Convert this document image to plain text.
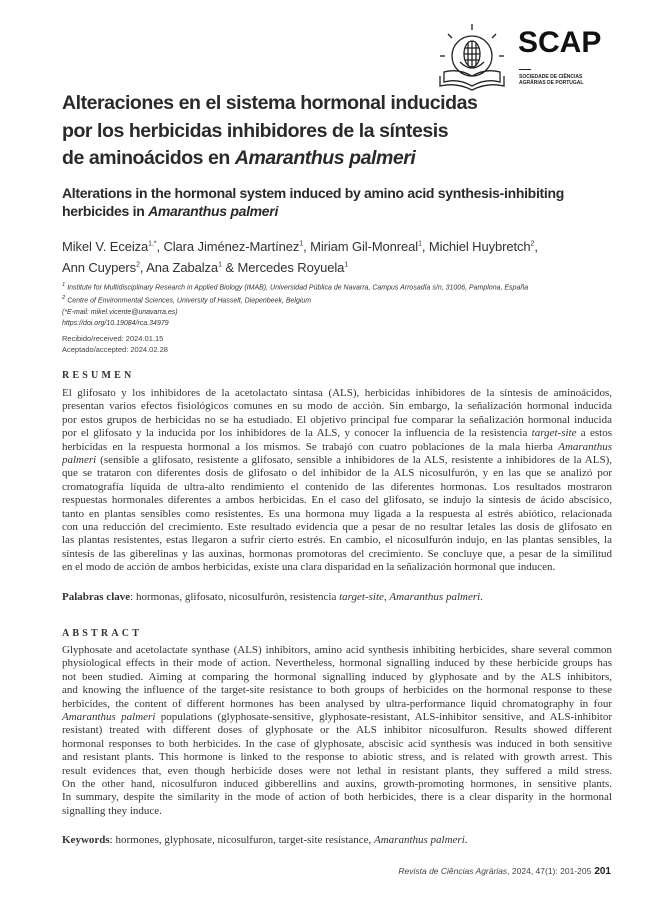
SCAP
SOCIEDADE DE CIÊNCIAS
AGRÁRIAS DE PORTUGAL
Alteraciones en el sistema hormonal inducidas
por los herbicidas inhibidores de la síntesis
de aminoácidos en Amaranthus palmeri
Alterations in the hormonal system induced by amino acid synthesis-inhibiting herbicides in Amaranthus palmeri
Mikel V. Eceiza$^{1,*}$, Clara Jiménez-Martínez$^1$, Miriam Gil-Monreal$^1$, Michiel Huybretch$^2$,
Ann Cuypers$^2$, Ana Zabalza$^1$ & Mercedes Royuela$^1$
$^1$ Institute for Multidisciplinary Research in Applied Biology (IMAB), Universidad Pública de Navarra, Campus Arrosadía s/n, 31006, Pamplona, España
$^2$ Centre of Environmental Sciences, University of Hasselt, Diepenbeek, Belgium
(*E-mail: mikel.vicente@unavarra.es)
https://doi.org/10.19084/rca.34979
Recibido/received: 2024.01.15
Aceptado/accepted: 2024.02.28
RESUMEN
El glifosato y los inhibidores de la acetolactato sintasa (ALS), herbicidas inhibidores de la síntesis de aminoácidos,
presentan varios efectos fisiológicos comunes en su modo de acción. Sin embargo, la señalización hormonal inducida
por estos grupos de herbicidas no se ha estudiado. El objetivo principal fue comparar la señalización hormonal inducida
por el glifosato y la inducida por los inhibidores de la ALS, y conocer la influencia de la resistencia target-site a estos
herbicidas en la respuesta hormonal a los mismos. Se trabajó con cuatro poblaciones de la mala hierba Amaranthus
palmeri (sensible a glifosato, resistente a glifosato, sensible a inhibidores de la ALS, resistente a inhibidores de la ALS),
que se trataron con diferentes dosis de glifosato o del inhibidor de la ALS nicosulfurón, y en las que se analizó por
cromatografía líquida de ultra-alto rendimiento el contenido de las diferentes hormonas. Los resultados mostraron
respuestas hormonales diferentes a ambos herbicidas. En el caso del glifosato, se indujo la síntesis de ácido abscísico,
tanto en plantas sensibles como resistentes. Es una hormona muy ligada a la respuesta al estrés abiótico, relacionada
con una reducción del crecimiento. Este resultado evidencia que a pesar de no resultar letales las dosis de glifosato en
las plantas resistentes, estas llegaron a sufrir cierto estrés. En cambio, el nicosulfurón indujo, en las plantas sensibles, la
síntesis de las giberelinas y las auxinas, hormonas promotoras del crecimiento. Se concluye que, a pesar de la similitud
en el modo de acción de ambos herbicidas, existe una clara disparidad en la señalización hormonal que inducen.
Palabras clave: hormonas, glifosato, nicosulfurón, resistencia target-site, Amaranthus palmeri.
ABSTRACT
Glyphosate and acetolactate synthase (ALS) inhibitors, amino acid synthesis inhibiting herbicides, share several common
physiological effects in their mode of action. Nevertheless, hormonal signalling induced by these herbicide groups has
not been studied. Aiming at comparing the hormonal signalling induced by glyphosate and by the ALS inhibitors,
and knowing the influence of the target-site resistance to both groups of herbicides on the hormonal response to these
herbicides, the content of different hormones has been analysed by ultra-performance liquid chromatography in four
Amaranthus palmeri populations (glyphosate-sensitive, glyphosate-resistant, ALS-inhibitor sensitive, and ALS-inhibitor
resistant) treated with different doses of glyphosate or the ALS inhibitor nicosulfuron. Results showed different
hormonal responses to both herbicides. In the case of glyphosate, abscisic acid synthesis was induced in both sensitive
and resistant plants. This hormone is linked to the response to abiotic stress, and is related with growth arrest. This
result evidences that, even though herbicide doses were not lethal in resistant plants, they suffered a mild stress.
On the other hand, nicosulfuron induced gibberellins and auxins, growth-promoting hormones, in sensitive plants.
In summary, despite the similarity in the mode of action of both herbicides, there is a clear disparity in the hormonal
signalling they induce.
Keywords: hormones, glyphosate, nicosulfuron, target-site resistance, Amaranthus palmeri.
Revista de Ciências Agrárias, 2024, 47(1): 201-205 201
